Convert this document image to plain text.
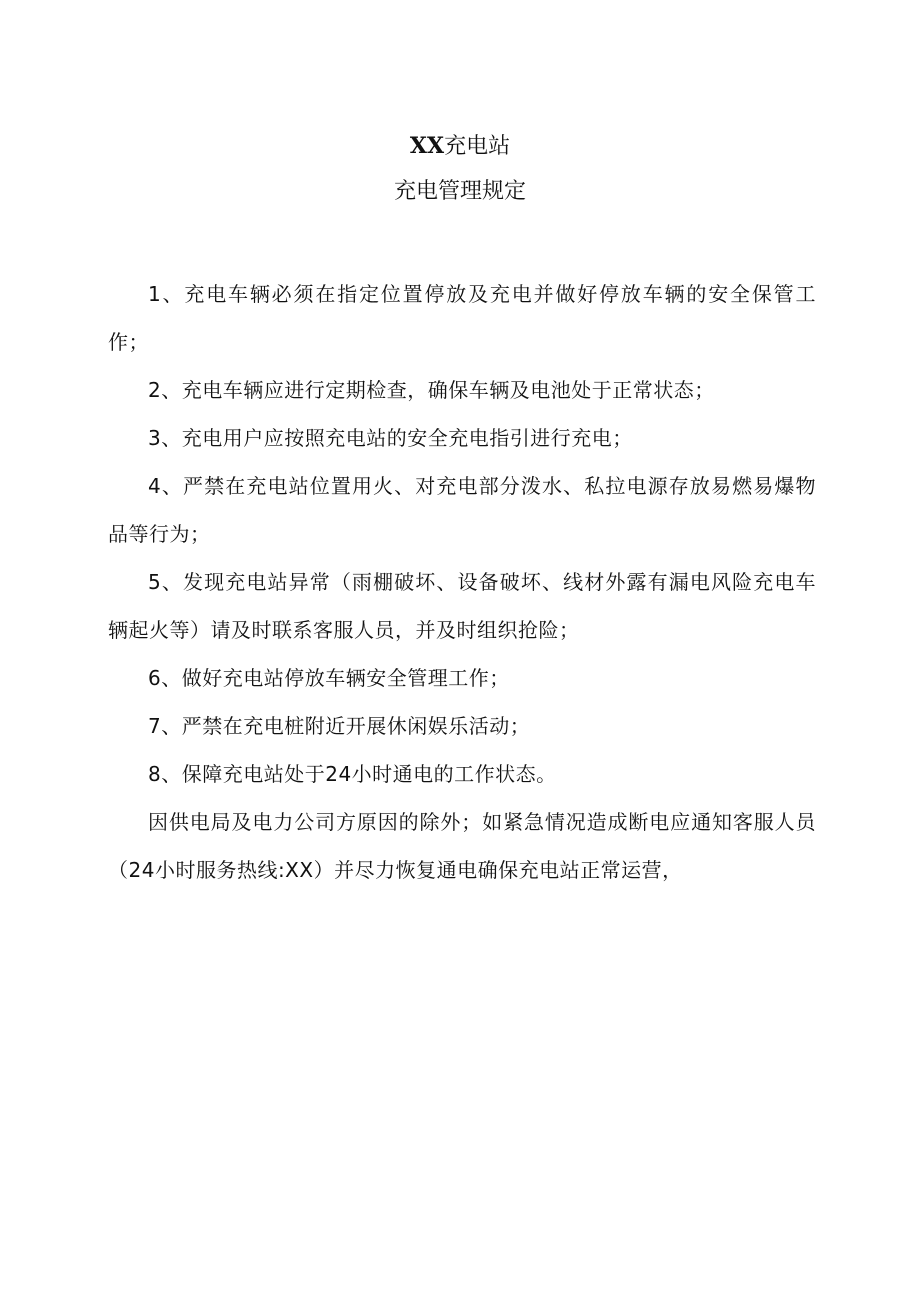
XX充电站
充电管理规定

1、充电车辆必须在指定位置停放及充电并做好停放车辆的安全保管工作；

2、充电车辆应进行定期检查，确保车辆及电池处于正常状态；

3、充电用户应按照充电站的安全充电指引进行充电；

4、严禁在充电站位置用火、对充电部分泼水、私拉电源存放易燃易爆物品等行为；

5、发现充电站异常（雨棚破坏、设备破坏、线材外露有漏电风险充电车辆起火等）请及时联系客服人员，并及时组织抢险；

6、做好充电站停放车辆安全管理工作；

7、严禁在充电桩附近开展休闲娱乐活动；

8、保障充电站处于24小时通电的工作状态。

因供电局及电力公司方原因的除外；如紧急情况造成断电应通知客服人员（24小时服务热线:XX）并尽力恢复通电确保充电站正常运营，
